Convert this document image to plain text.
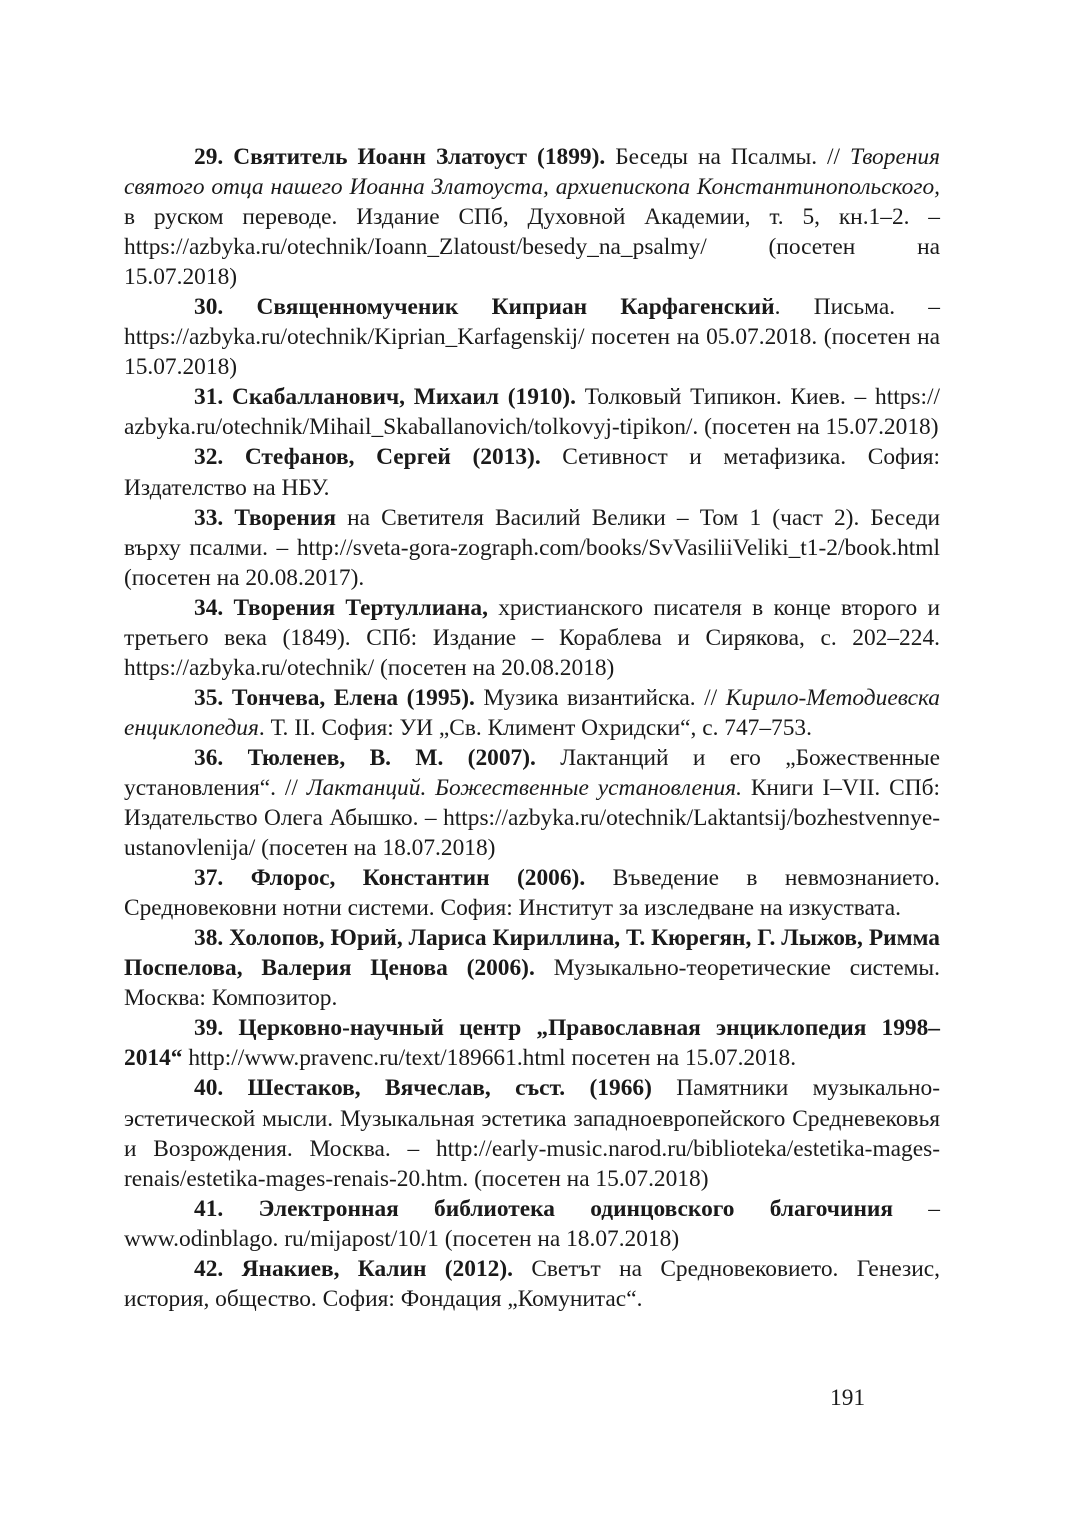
29. Святитель Иоанн Златоуст (1899). Беседы на Псалмы. // Творения святого отца нашего Иоанна Златоуста, архиепископа Константинопольского, в руском переводе. Издание СПб, Духовной Академии, т. 5, кн.1–2. – https://azbyka.ru/otechnik/Ioann_Zlatoust/besedy_na_psalmy/ (посетен на 15.07.2018)

30. Священномученик Киприан Карфагенский. Письма. – https://azbyka.ru/otechnik/Kiprian_Karfagenskij/ посетен на 05.07.2018. (посетен на 15.07.2018)

31. Скабалланович, Михаил (1910). Толковый Типикон. Киев. – https:// azbyka.ru/otechnik/Mihail_Skaballanovich/tolkovyj-tipikon/. (посетен на 15.07.2018)

32. Стефанов, Сергей (2013). Сетивност и метафизика. София: Издателство на НБУ.

33. Творения на Светителя Василий Велики – Том 1 (част 2). Беседи върху псалми. – http://sveta-gora-zograph.com/books/SvVasiliiVeliki_t1-2/book.html (посетен на 20.08.2017).

34. Творения Тертуллиана, христианского писателя в конце второго и третьего века (1849). СПб: Издание – Кораблева и Сирякова, с. 202–224. https://azbyka.ru/otechnik/ (посетен на 20.08.2018)

35. Тончева, Елена (1995). Музика византийска. // Кирило-Методиевска енциклопедия. Т. II. София: УИ „Св. Климент Охридски“, с. 747–753.

36. Тюленев, В. М. (2007). Лактанций и его „Божественные установления“. // Лактанций. Божественные установления. Книги I–VII. СПб: Издательство Олега Абышко. – https://azbyka.ru/otechnik/Laktantsij/bozhestvennye-ustanovlenija/ (посетен на 18.07.2018)

37. Флорос, Константин (2006). Въведение в невмознанието. Средновековни нотни системи. София: Институт за изследване на изкуствата.

38. Холопов, Юрий, Лариса Кириллина, Т. Кюрегян, Г. Лыжов, Римма Поспелова, Валерия Ценова (2006). Музыкально-теоретические системы. Москва: Композитор.

39. Церковно-научный центр „Православная энциклопедия 1998–2014“ http://www.pravenc.ru/text/189661.html посетен на 15.07.2018.

40. Шестаков, Вячеслав, съст. (1966) Памятники музыкально-эстетической мысли. Музыкальная эстетика западноевропейского Средневековья и Возрождения. Москва. – http://early-music.narod.ru/biblioteka/estetika-mages-renais/estetika-mages-renais-20.htm. (посетен на 15.07.2018)

41. Электронная библиотека одинцовского благочиния – www.odinblago. ru/mijapost/10/1 (посетен на 18.07.2018)

42. Янакиев, Калин (2012). Светът на Средновековието. Генезис, история, общество. София: Фондация „Комунитас“.

191
